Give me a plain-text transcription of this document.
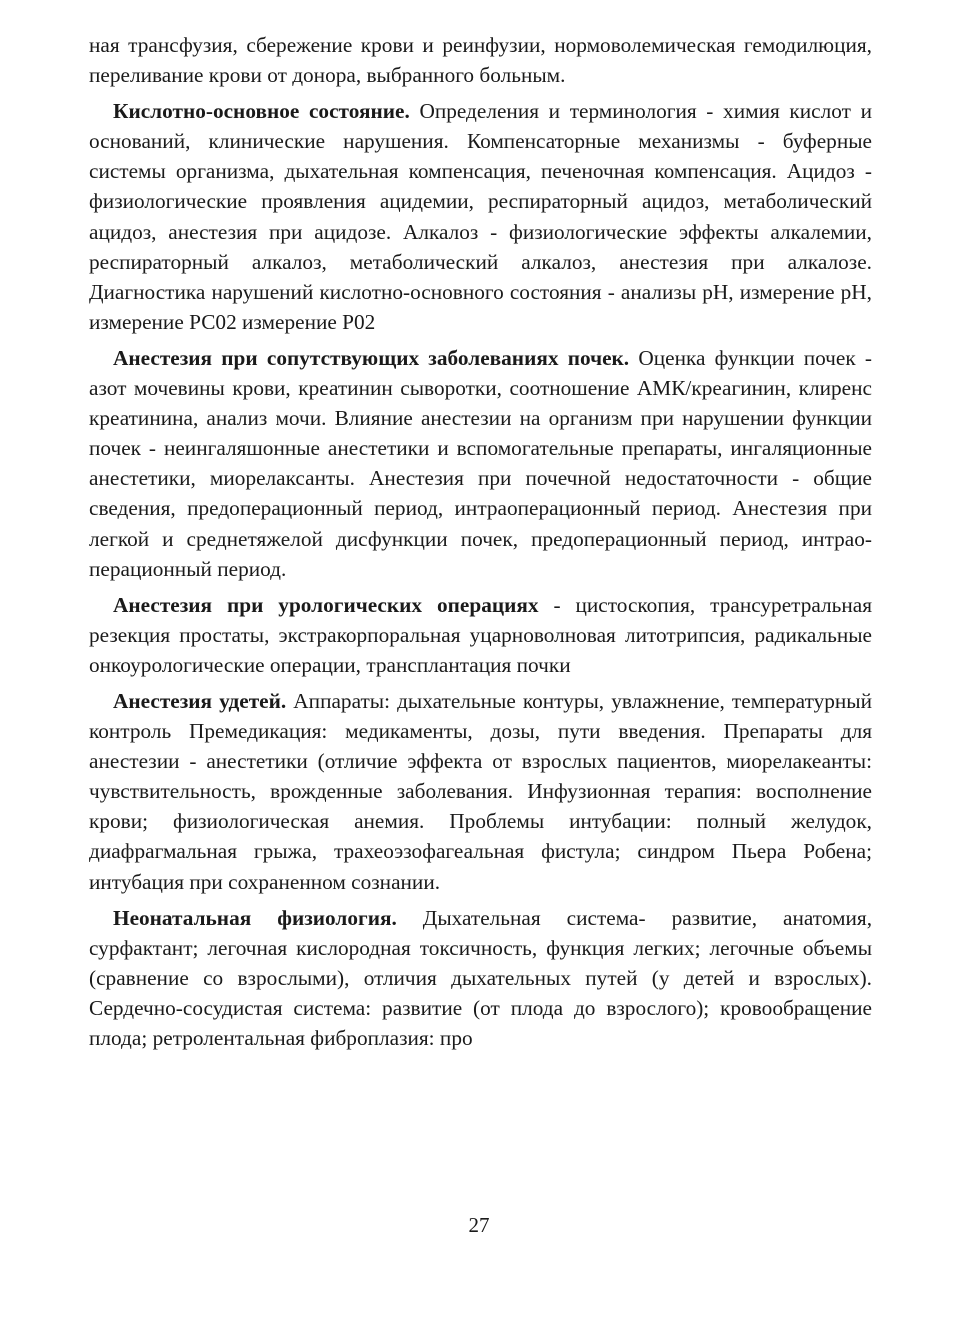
ная трансфузия, сбережение крови и реинфузии, нормоволемическая гемодилюция, переливание крови от донора, выбранного больным.

Кислотно-основное состояние. Определения и терминология - химия кислот и оснований, клинические нарушения. Компенсаторные механизмы - буферные системы организма, дыхательная компенсация, печеночная компенсация. Ацидоз - физиологические проявления ацидемии, респираторный ацидоз, метаболический ацидоз, анестезия при ацидозе. Алкалоз - физиологические эффекты алкалемии, респираторный алкалоз, метаболический алкалоз, анестезия при алкалозе. Диагностика нарушений кислотно-основного состояния - анализы рН, измерение рН, измерение РС02 измерение Р02

Анестезия при сопутствующих заболеваниях почек. Оценка функции почек - азот мочевины крови, креатинин сыворотки, соотношение АМК/креагинин, клиренс креатинина, анализ мочи. Влияние анестезии на организм при нарушении функции почек - неингаляшонные анестетики и вспомогательные препараты, ингаляционные анестетики, миорелаксанты. Анестезия при почечной недостаточности - общие сведения, предоперационный период, интраоперационный период. Анестезия при легкой и среднетяжелой дисфункции почек, предоперационный период, интраоперационный период.

Анестезия при урологических операциях - цистоскопия, трансуретральная резекция простаты, экстракорпоральная уцарноволновая литотрипсия, радикальные онкоурологические операции, трансплантация почки

Анестезия удетей. Аппараты: дыхательные контуры, увлажнение, температурный контроль Премедикация: медикаменты, дозы, пути введения. Препараты для анестезии - анестетики (отличие эффекта от взрослых пациентов, миорелакеанты: чувствительность, врожденные заболевания. Инфузионная терапия: восполнение крови; физиологическая анемия. Проблемы интубации: полный желудок, диафрагмальная грыжа, трахеоэзофагеальная фистула; синдром Пьера Робена; интубация при сохраненном сознании.

Неонатальная физиология. Дыхательная система- развитие, анатомия, сурфактант; легочная кислородная токсичность, функция легких; легочные объемы (сравнение со взрослыми), отличия дыхательных путей (у детей и взрослых). Сердечно-сосудистая система: развитие (от плода до взрослого); кровообращение плода; ретролентальная фиброплазия: про

27
